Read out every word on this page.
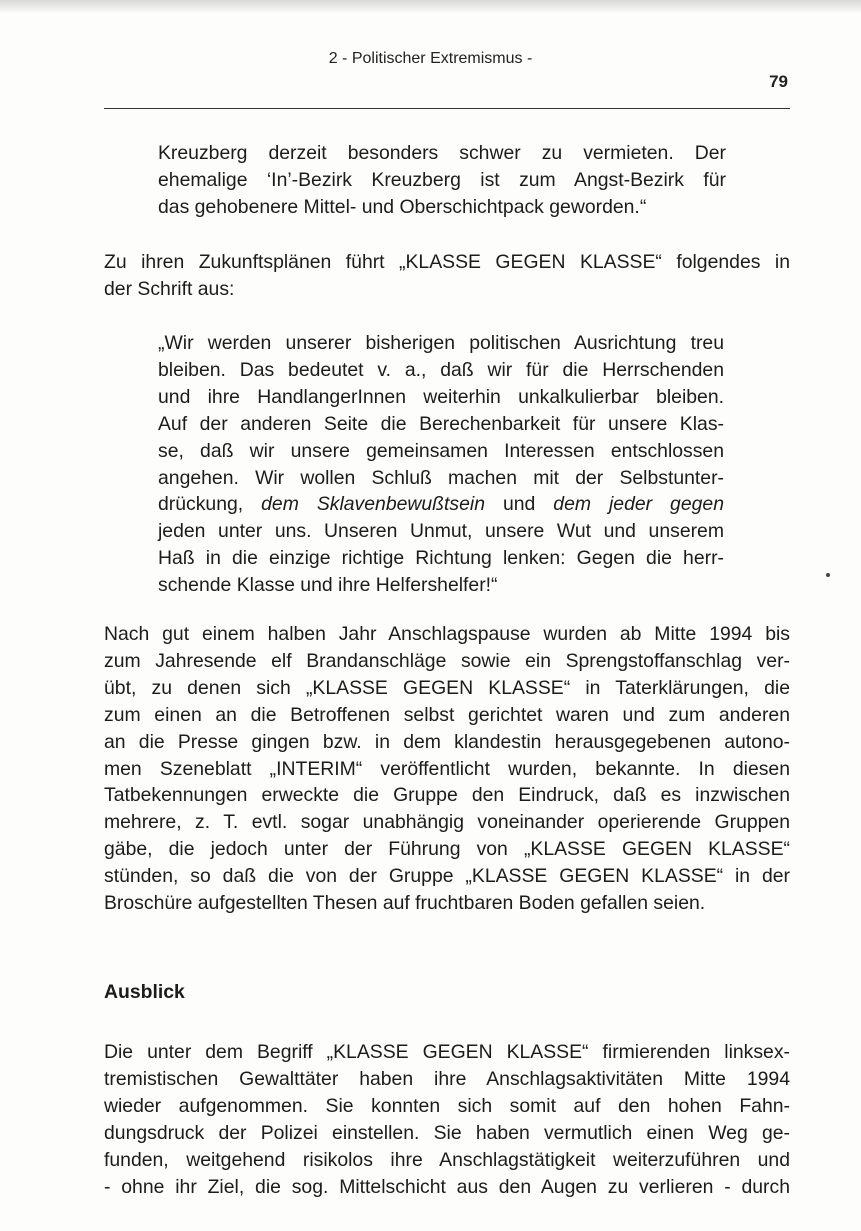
2 - Politischer Extremismus -
79
Kreuzberg derzeit besonders schwer zu vermieten. Der
ehemalige ‘In’-Bezirk Kreuzberg ist zum Angst-Bezirk für
das gehobenere Mittel- und Oberschichtpack geworden.“
Zu ihren Zukunftsplänen führt „KLASSE GEGEN KLASSE“ folgendes in
der Schrift aus:
„Wir werden unserer bisherigen politischen Ausrichtung treu
bleiben. Das bedeutet v. a., daß wir für die Herrschenden
und ihre HandlangerInnen weiterhin unkalkulierbar bleiben.
Auf der anderen Seite die Berechenbarkeit für unsere Klas-
se, daß wir unsere gemeinsamen Interessen entschlossen
angehen. Wir wollen Schluß machen mit der Selbstunter-
drückung, dem Sklavenbewußtsein und dem jeder gegen
jeden unter uns. Unseren Unmut, unsere Wut und unserem
Haß in die einzige richtige Richtung lenken: Gegen die herr-
schende Klasse und ihre Helfershelfer!“
Nach gut einem halben Jahr Anschlagspause wurden ab Mitte 1994 bis
zum Jahresende elf Brandanschläge sowie ein Sprengstoffanschlag ver-
übt, zu denen sich „KLASSE GEGEN KLASSE“ in Taterklärungen, die
zum einen an die Betroffenen selbst gerichtet waren und zum anderen
an die Presse gingen bzw. in dem klandestin herausgegebenen autono-
men Szeneblatt „INTERIM“ veröffentlicht wurden, bekannte. In diesen
Tatbekennungen erweckte die Gruppe den Eindruck, daß es inzwischen
mehrere, z. T. evtl. sogar unabhängig voneinander operierende Gruppen
gäbe, die jedoch unter der Führung von „KLASSE GEGEN KLASSE“
stünden, so daß die von der Gruppe „KLASSE GEGEN KLASSE“ in der
Broschüre aufgestellten Thesen auf fruchtbaren Boden gefallen seien.
Ausblick
Die unter dem Begriff „KLASSE GEGEN KLASSE“ firmierenden linksex-
tremistischen Gewalttäter haben ihre Anschlagsaktivitäten Mitte 1994
wieder aufgenommen. Sie konnten sich somit auf den hohen Fahn-
dungsdruck der Polizei einstellen. Sie haben vermutlich einen Weg ge-
funden, weitgehend risikolos ihre Anschlagstätigkeit weiterzuführen und
- ohne ihr Ziel, die sog. Mittelschicht aus den Augen zu verlieren - durch
